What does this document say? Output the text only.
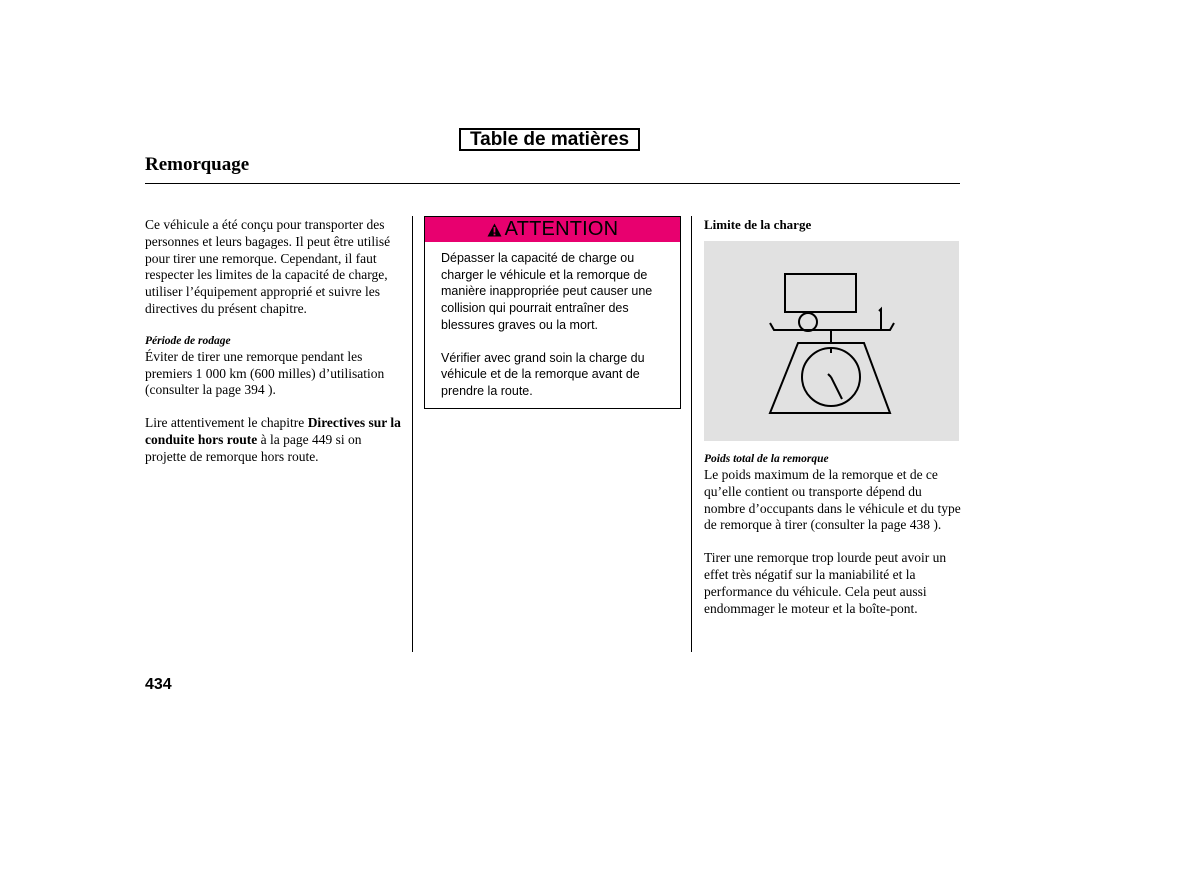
Table de matières
Remorquage

Ce véhicule a été conçu pour transporter des personnes et leurs bagages. Il peut être utilisé pour tirer une remorque. Cependant, il faut respecter les limites de la capacité de charge, utiliser l’équipement approprié et suivre les directives du présent chapitre.

Période de rodage

Éviter de tirer une remorque pendant les premiers 1 000 km (600 milles) d’utilisation (consulter la page 394 ).

Lire attentivement le chapitre Directives sur la conduite hors route à la page 449 si on projette de remorque hors route.

ATTENTION

Dépasser la capacité de charge ou charger le véhicule et la remorque de manière inappropriée peut causer une collision qui pourrait entraîner des blessures graves ou la mort.

Vérifier avec grand soin la charge du véhicule et de la remorque avant de prendre la route.

Limite de la charge

Poids total de la remorque

Le poids maximum de la remorque et de ce qu’elle contient ou transporte dépend du nombre d’occupants dans le véhicule et du type de remorque à tirer (consulter la page 438 ).

Tirer une remorque trop lourde peut avoir un effet très négatif sur la maniabilité et la performance du véhicule. Cela peut aussi endommager le moteur et la boîte-pont.

434
